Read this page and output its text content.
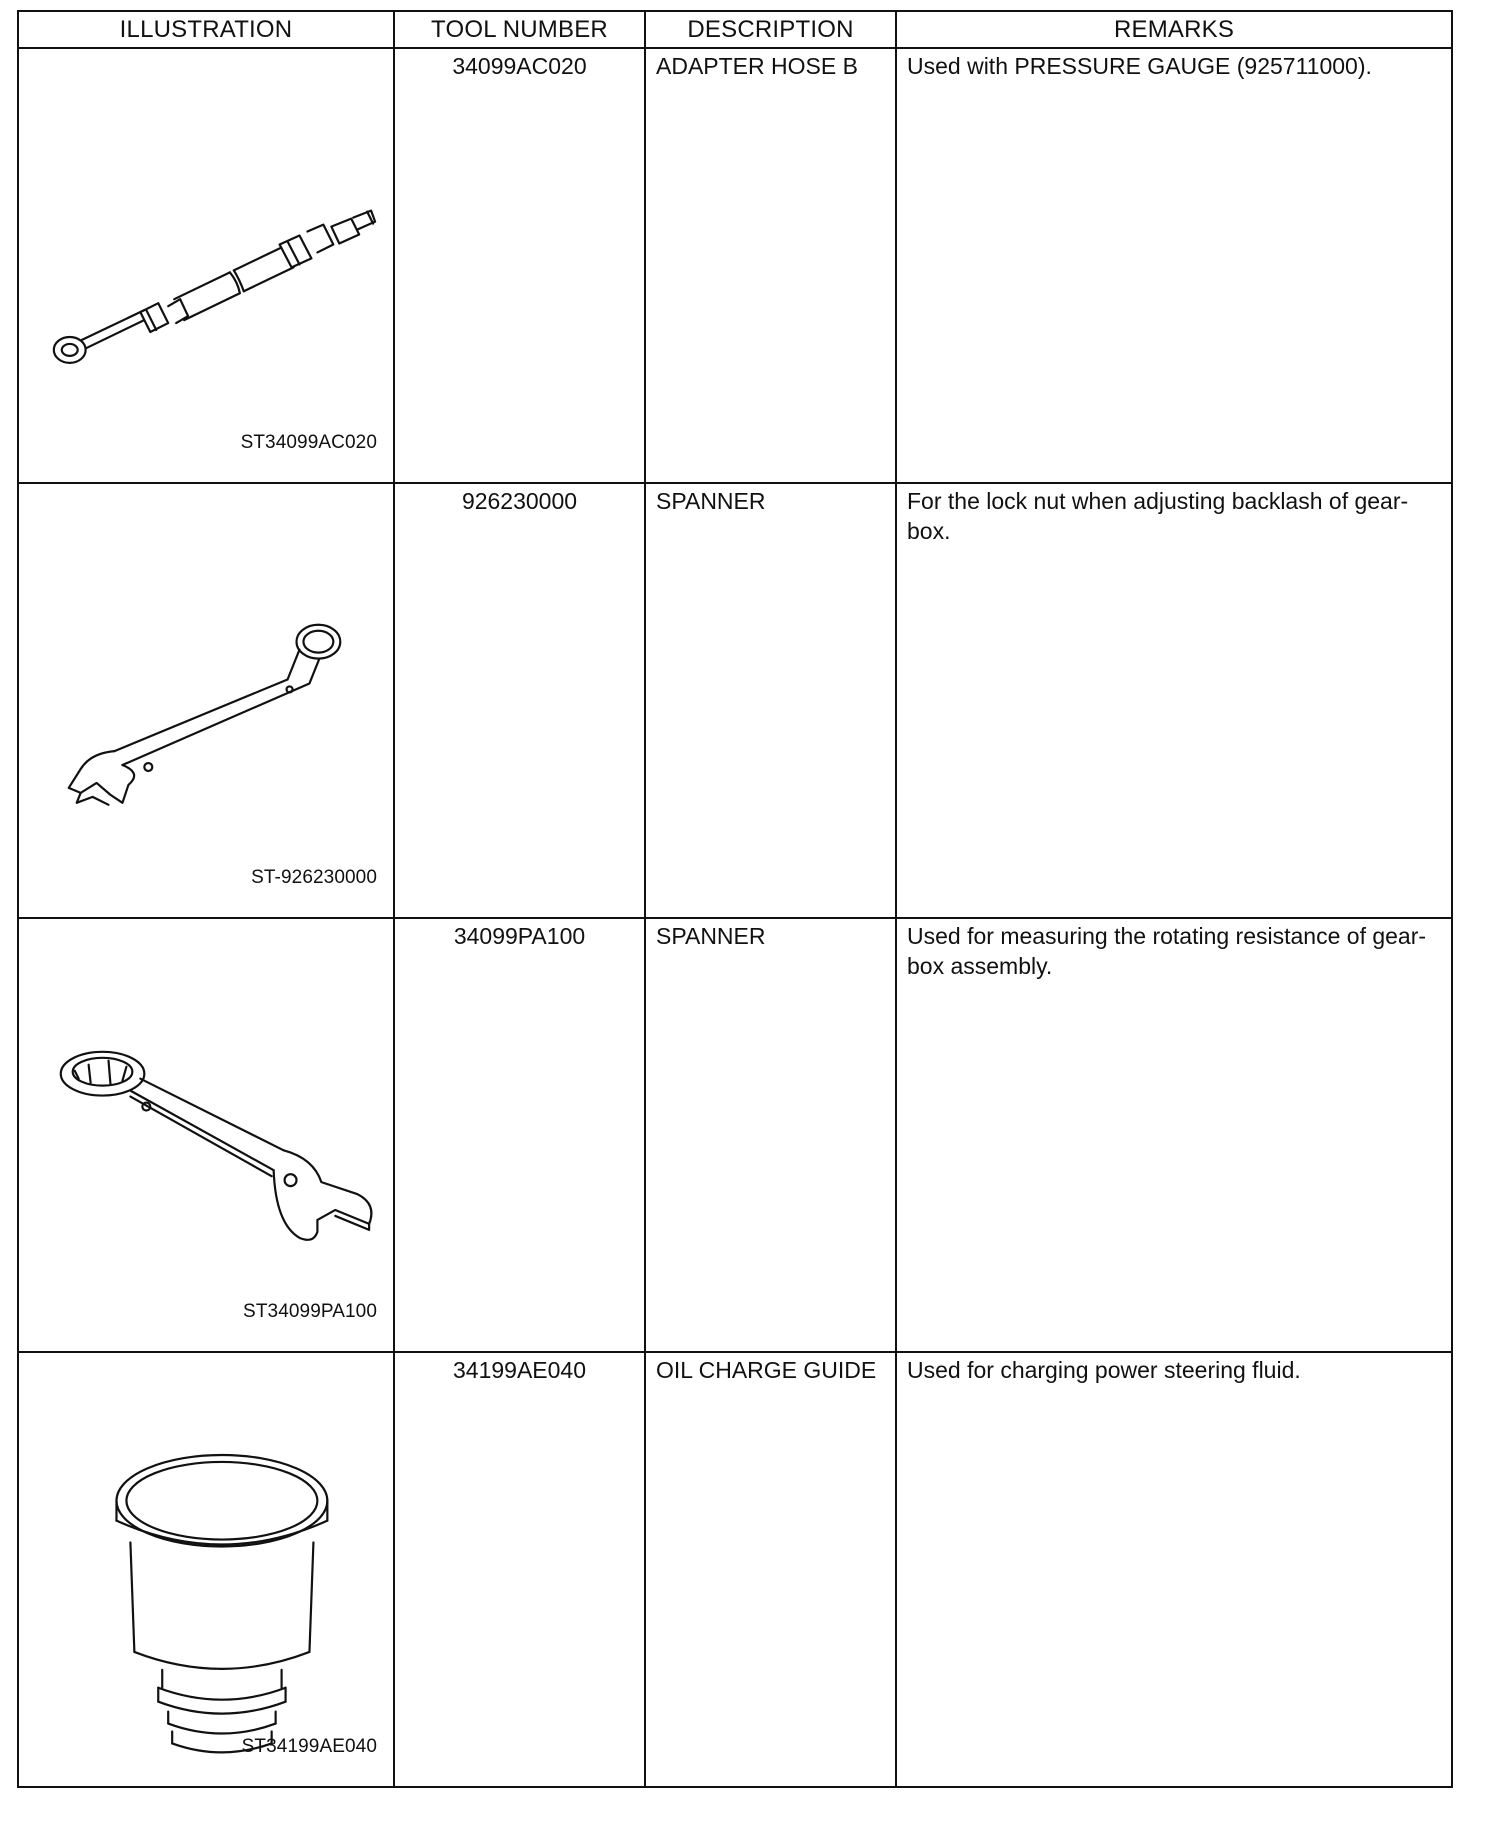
ILLUSTRATION	TOOL NUMBER	DESCRIPTION	REMARKS

ST34099AC020	34099AC020	ADAPTER HOSE B	Used with PRESSURE GAUGE (925711000).

ST-926230000	926230000	SPANNER	For the lock nut when adjusting backlash of gear-box.

ST34099PA100	34099PA100	SPANNER	Used for measuring the rotating resistance of gear-box assembly.

ST34199AE040	34199AE040	OIL CHARGE GUIDE	Used for charging power steering fluid.
